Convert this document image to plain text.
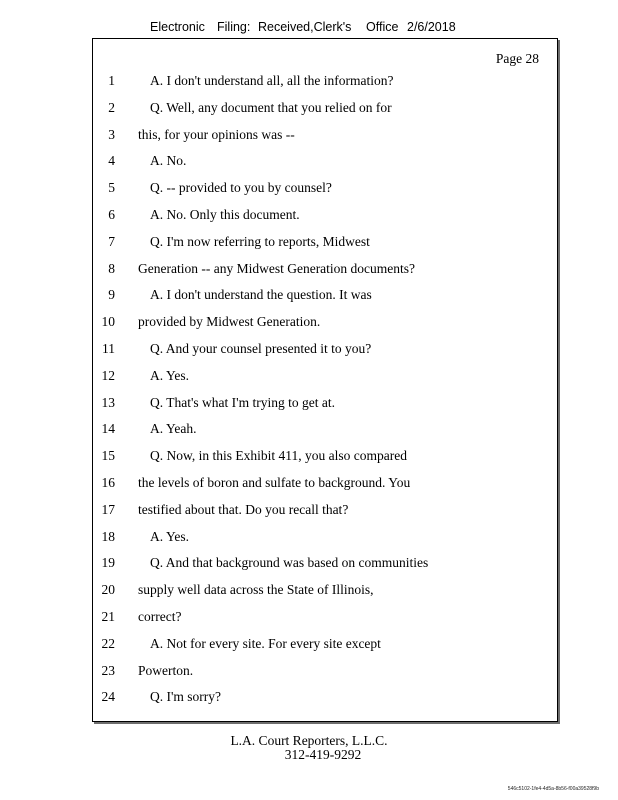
Electronic Filing: Received,Clerk's Office 2/6/2018
Page 28
1	A. I don't understand all, all the information?
2	Q. Well, any document that you relied on for
3 this, for your opinions was --
4	A. No.
5	Q. -- provided to you by counsel?
6	A. No. Only this document.
7	Q. I'm now referring to reports, Midwest
8 Generation -- any Midwest Generation documents?
9	A. I don't understand the question. It was
10 provided by Midwest Generation.
11	Q. And your counsel presented it to you?
12	A. Yes.
13	Q. That's what I'm trying to get at.
14	A. Yeah.
15	Q. Now, in this Exhibit 411, you also compared
16 the levels of boron and sulfate to background. You
17 testified about that. Do you recall that?
18	A. Yes.
19	Q. And that background was based on communities
20 supply well data across the State of Illinois,
21 correct?
22	A. Not for every site. For every site except
23 Powerton.
24	Q. I'm sorry?
L.A. Court Reporters, L.L.C.
312-419-9292
546c5102-1fe4-4d5a-8b56-f00a39528f9b
